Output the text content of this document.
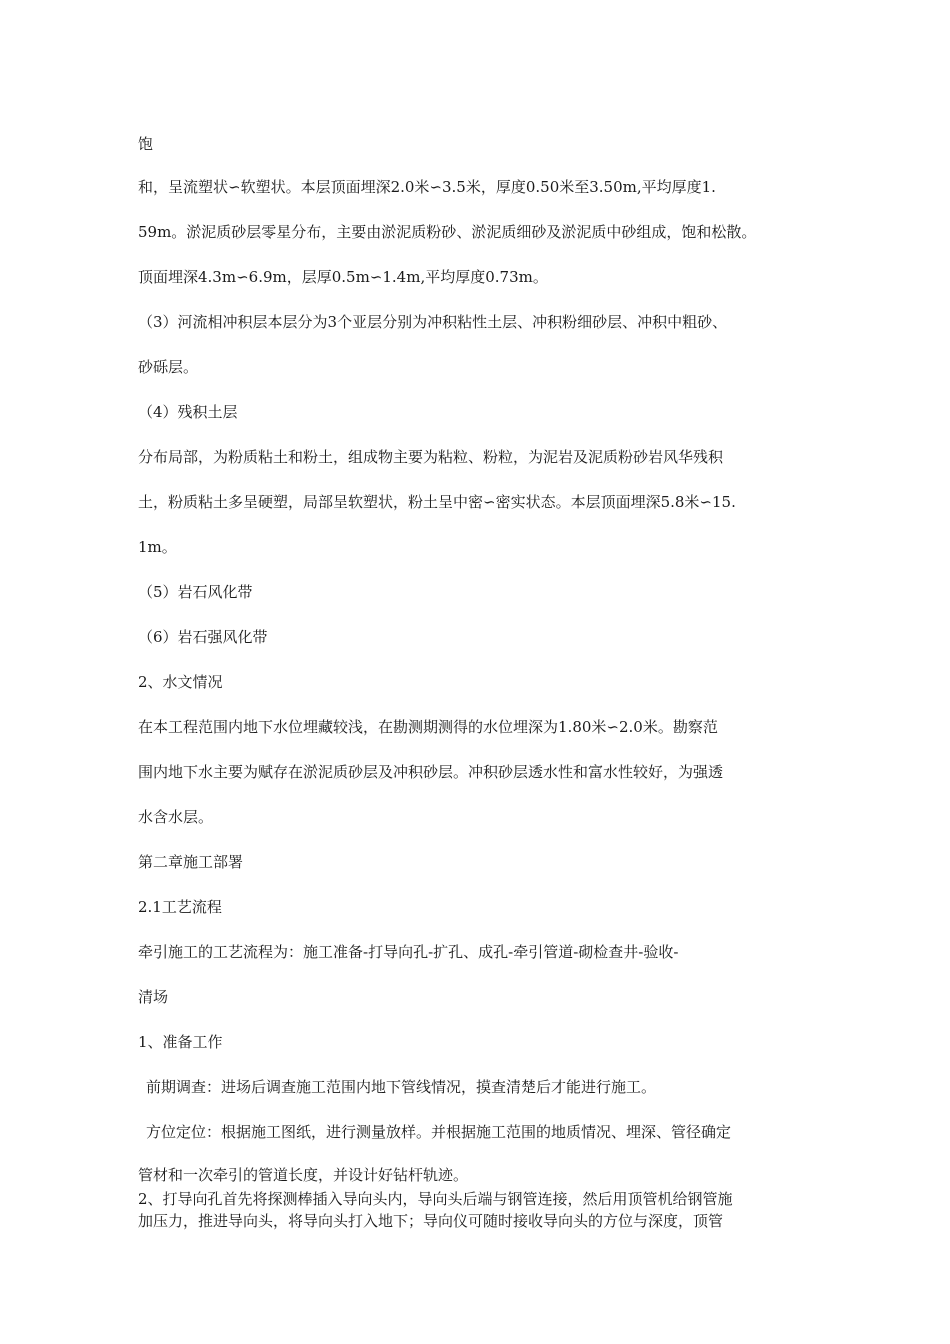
饱
和，呈流塑状∽软塑状。本层顶面埋深2.0米∽3.5米，厚度0.50米至3.50m,平均厚度1.
59m。淤泥质砂层零星分布，主要由淤泥质粉砂、淤泥质细砂及淤泥质中砂组成，饱和松散。
顶面埋深4.3m∽6.9m，层厚0.5m∽1.4m,平均厚度0.73m。
（3）河流相冲积层本层分为3个亚层分别为冲积粘性土层、冲积粉细砂层、冲积中粗砂、
砂砾层。
（4）残积土层
分布局部，为粉质粘土和粉土，组成物主要为粘粒、粉粒，为泥岩及泥质粉砂岩风华残积
土，粉质粘土多呈硬塑，局部呈软塑状，粉土呈中密∽密实状态。本层顶面埋深5.8米∽15.
1m。
（5）岩石风化带
（6）岩石强风化带
2、水文情况
在本工程范围内地下水位埋藏较浅，在勘测期测得的水位埋深为1.80米∽2.0米。勘察范
围内地下水主要为赋存在淤泥质砂层及冲积砂层。冲积砂层透水性和富水性较好，为强透
水含水层。
第二章施工部署
2.1工艺流程
牵引施工的工艺流程为：施工准备-打导向孔-扩孔、成孔-牵引管道-砌检查井-验收-
清场
1、准备工作
前期调查：进场后调查施工范围内地下管线情况，摸查清楚后才能进行施工。
方位定位：根据施工图纸，进行测量放样。并根据施工范围的地质情况、埋深、管径确定
管材和一次牵引的管道长度，并设计好钻杆轨迹。
2、打导向孔首先将探测棒插入导向头内，导向头后端与钢管连接，然后用顶管机给钢管施
加压力，推进导向头，将导向头打入地下；导向仪可随时接收导向头的方位与深度，顶管
